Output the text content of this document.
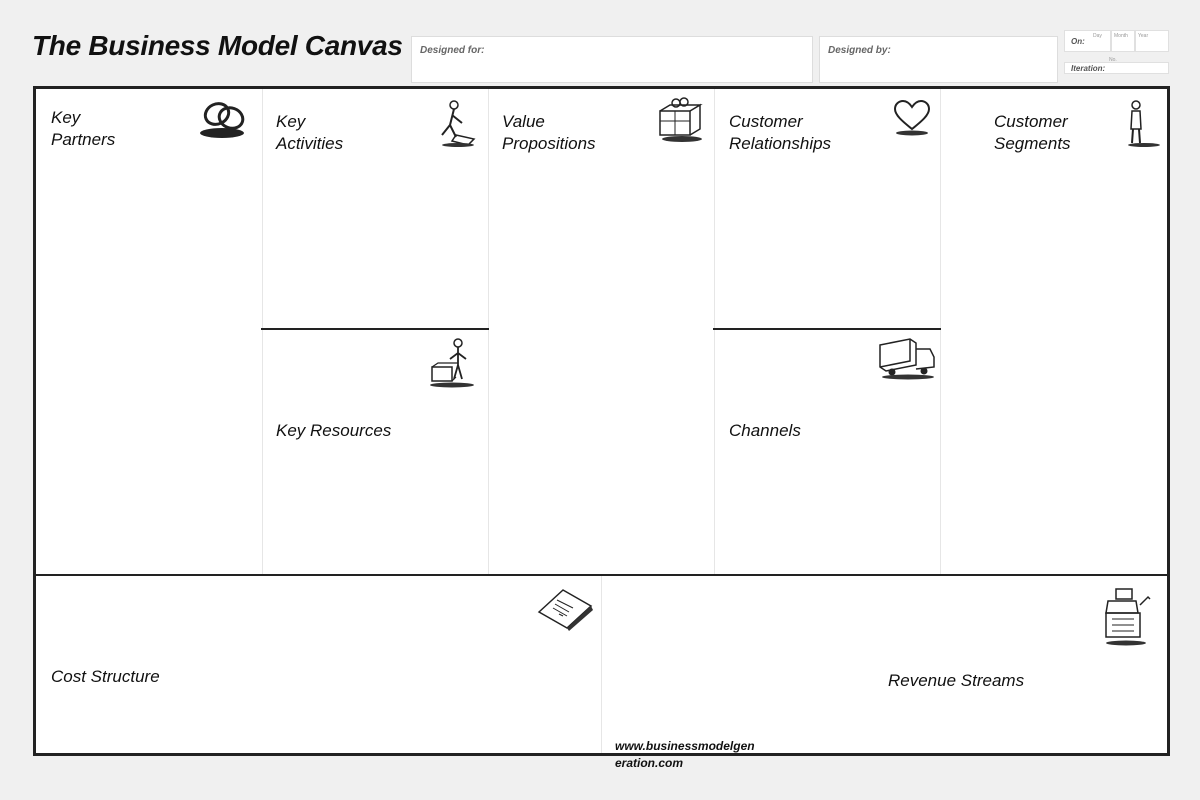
The Business Model Canvas Designed for:	Designed by:
On:
Day Month Year
Iteration:
No.
Key
Partners
Key
Activities
Value
Propositions
Customer
Relationships
Customer
Segments
Key Resources	Channels
Cost Structure	Revenue Streams
www.businessmodelgeneration.com
